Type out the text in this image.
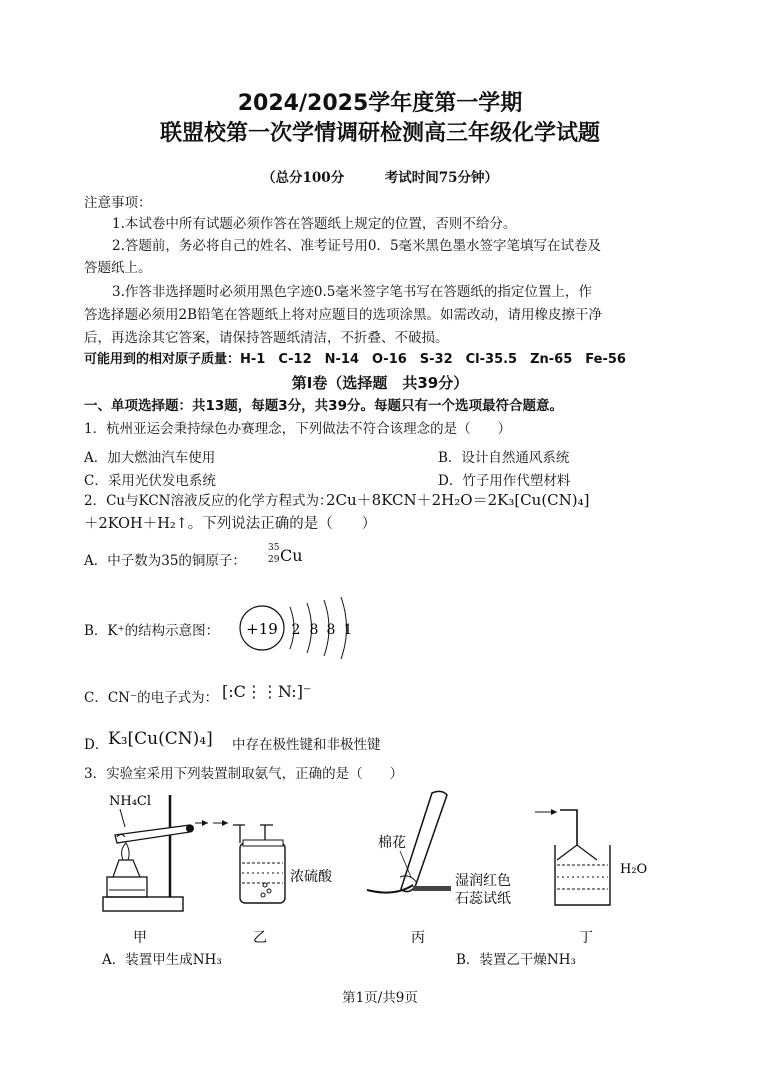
2024/2025学年度第一学期
联盟校第一次学情调研检测高三年级化学试题
（总分100分　　　考试时间75分钟）
注意事项：
1.本试卷中所有试题必须作答在答题纸上规定的位置，否则不给分。
2.答题前，务必将自己的姓名、准考证号用0．5毫米黑色墨水签字笔填写在试卷及
答题纸上。
3.作答非选择题时必须用黑色字迹0.5毫米签字笔书写在答题纸的指定位置上，作
答选择题必须用2B铅笔在答题纸上将对应题目的选项涂黑。如需改动，请用橡皮擦干净
后，再选涂其它答案，请保持答题纸清洁，不折叠、不破损。
可能用到的相对原子质量：H-1　C-12　N-14　O-16　S-32　Cl-35.5　Zn-65　Fe-56
第Ⅰ卷（选择题　共39分）
一、单项选择题：共13题，每题3分，共39分。每题只有一个选项最符合题意。
1．杭州亚运会秉持绿色办赛理念，下列做法不符合该理念的是（　　）
A．加大燃油汽车使用	B．设计自然通风系统
C．采用光伏发电系统	D．竹子用作代塑材料
2．Cu与KCN溶液反应的化学方程式为：
2Cu＋8KCN＋2H₂O＝2K₃[Cu(CN)₄]
＋2KOH＋H₂↑。下列说法正确的是（　　）
A．中子数为35的铜原子：
35
29 Cu
B．K⁺的结构示意图： +19 2 8 8 1
C．CN⁻的电子式为： [:C⋮⋮N:]⁻
D． K₃[Cu(CN)₄] 中存在极性键和非极性键
3．实验室采用下列装置制取氨气，正确的是（　　）
NH₄Cl
甲
浓硫酸
乙
棉花
湿润红色
石蕊试纸
丙
H₂O
丁
A．装置甲生成NH₃	B．装置乙干燥NH₃
第1页/共9页
